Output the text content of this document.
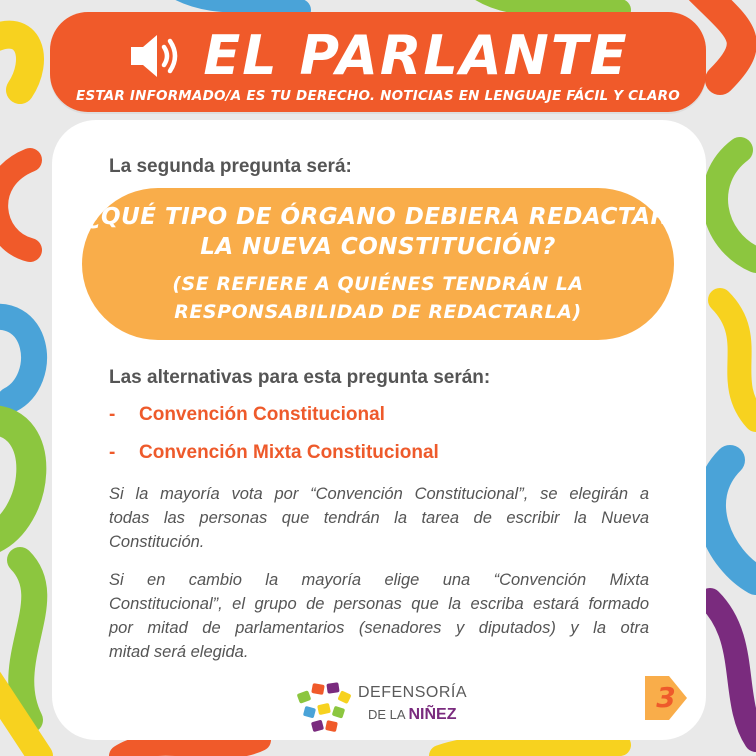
EL PARLANTE
ESTAR INFORMADO/A ES TU DERECHO. NOTICIAS EN LENGUAJE FÁCIL Y CLARO
La segunda pregunta será:
¿QUÉ TIPO DE ÓRGANO DEBIERA REDACTAR
LA NUEVA CONSTITUCIÓN?
(SE REFIERE A QUIÉNES TENDRÁN LA
RESPONSABILIDAD DE REDACTARLA)
Las alternativas para esta pregunta serán:
- Convención Constitucional
- Convención Mixta Constitucional
Si la mayoría vota por “Convención Constitucional”, se elegirán a
todas las personas que tendrán la tarea de escribir la Nueva
Constitución.
Si en cambio la mayoría elige una “Convención Mixta
Constitucional”, el grupo de personas que la escriba estará formado
por mitad de parlamentarios (senadores y diputados) y la otra
mitad será elegida.
DEFENSORÍA
DE LA NIÑEZ
3
